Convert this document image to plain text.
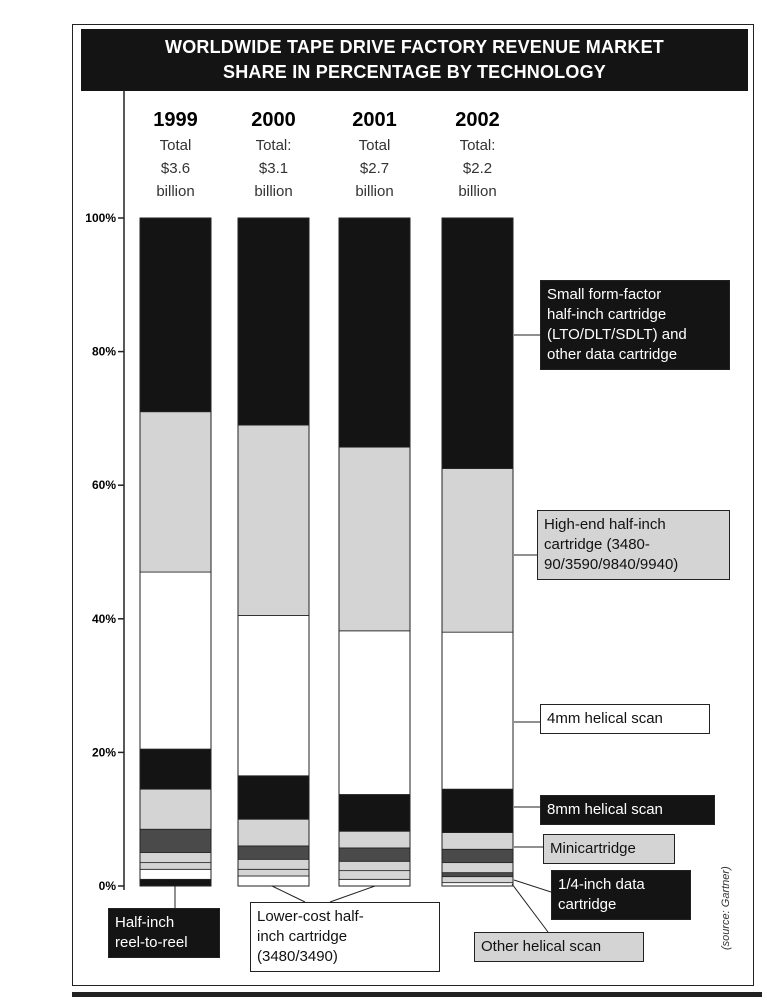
WORLDWIDE TAPE DRIVE FACTORY REVENUE MARKET
SHARE IN PERCENTAGE BY TECHNOLOGY
0%
20%
40%
60%
80%
100%
1999
Total
$3.6
billion
2000
Total:
$3.1
billion
2001
Total
$2.7
billion
2002
Total:
$2.2
billion
Small form-factor
half-inch cartridge
(LTO/DLT/SDLT) and
other data cartridge
High-end half-inch
cartridge (3480-
90/3590/9840/9940)
4mm helical scan
8mm helical scan
Minicartridge
1/4-inch data
cartridge
Other helical scan
Lower-cost half-
inch cartridge
(3480/3490)
Half-inch
reel-to-reel	(source: Gartner)
